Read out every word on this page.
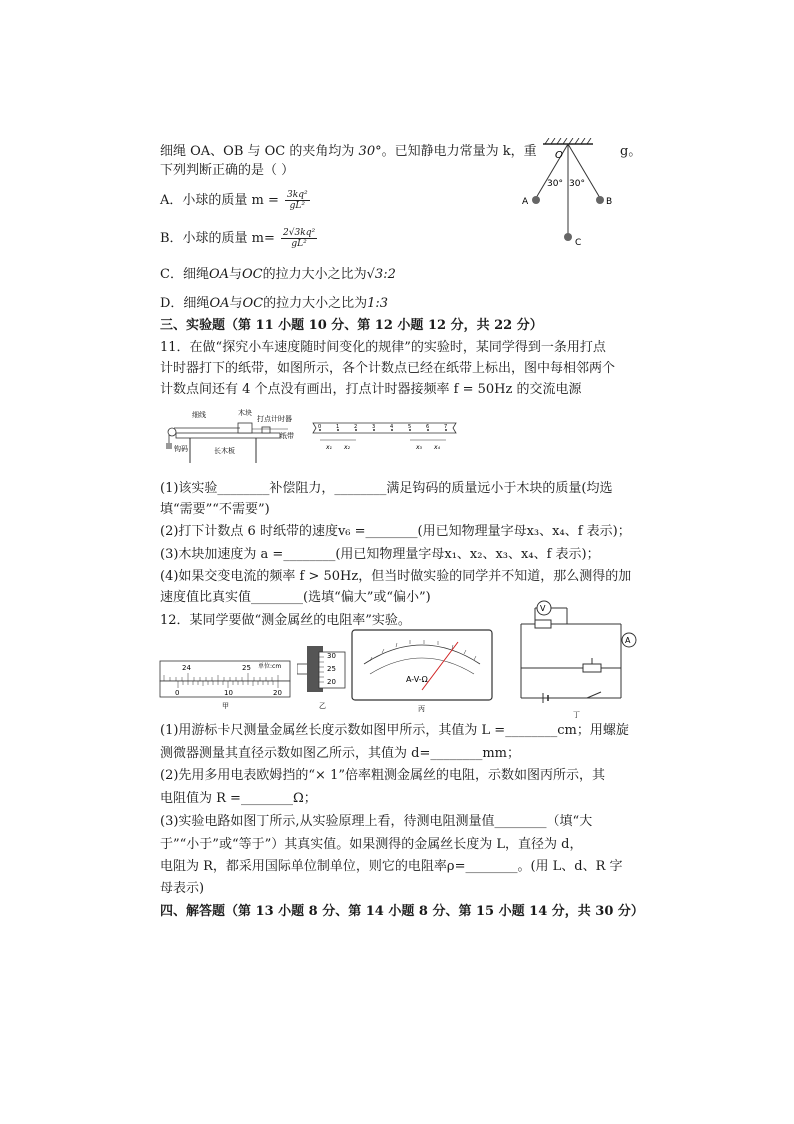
细绳 OA、OB 与 OC 的夹角均为 30°。已知静电力常量为 k，重	g。
下列判断正确的是（ ）
A．小球的质量 $m = \frac{\text{3kq²}}{\text{gL²}}$
B．小球的质量 $m= \frac{\text{2√3kq²}}{\text{gL²}}$
C．细绳OA与OC的拉力大小之比为√3:2
D．细绳OA与OC的拉力大小之比为1:3
O
30° 30°
A	B
C
三、实验题（第 11 小题 10 分、第 12 小题 12 分，共 22 分）
11．在做“探究小车速度随时间变化的规律”的实验时，某同学得到一条用打点
计时器打下的纸带，如图所示，各个计数点已经在纸带上标出，图中每相邻两个
计数点间还有 4 个点没有画出，打点计时器接频率 f = 50Hz 的交流电源
细线	木块
打点计时器
纸带
钩码	长木板
0	1	2	3	4	5	6	7
x₁ x₂	x₃ x₄
(1)该实验________补偿阻力，________满足钩码的质量远小于木块的质量(均选
填“需要”“不需要”)
(2)打下计数点 6 时纸带的速度v₆ =________(用已知物理量字母x₃、x₄、f 表示)；
(3)木块加速度为 a =________(用已知物理量字母x₁、x₂、x₃、x₄、f 表示)；
(4)如果交变电流的频率 f > 50Hz，但当时做实验的同学并不知道，那么测得的加
速度值比真实值________(选填“偏大”或“偏小”)
12．某同学要做“测金属丝的电阻率”实验。
24	25 单位:cm
0	10	20
甲
30
25
20
乙
A-V-Ω
丙
V
A
丁
(1)用游标卡尺测量金属丝长度示数如图甲所示，其值为 L =________cm；用螺旋
测微器测量其直径示数如图乙所示，其值为 d=________mm；
(2)先用多用电表欧姆挡的“× 1”倍率粗测金属丝的电阻，示数如图丙所示，其
电阻值为 R =________Ω；
(3)实验电路如图丁所示,从实验原理上看，待测电阻测量值________（填“大
于”“小于”或“等于”）其真实值。如果测得的金属丝长度为 L，直径为 d，
电阻为 R，都采用国际单位制单位，则它的电阻率ρ=________。(用 L、d、R 字
母表示)
四、解答题（第 13 小题 8 分、第 14 小题 8 分、第 15 小题 14 分，共 30 分）
